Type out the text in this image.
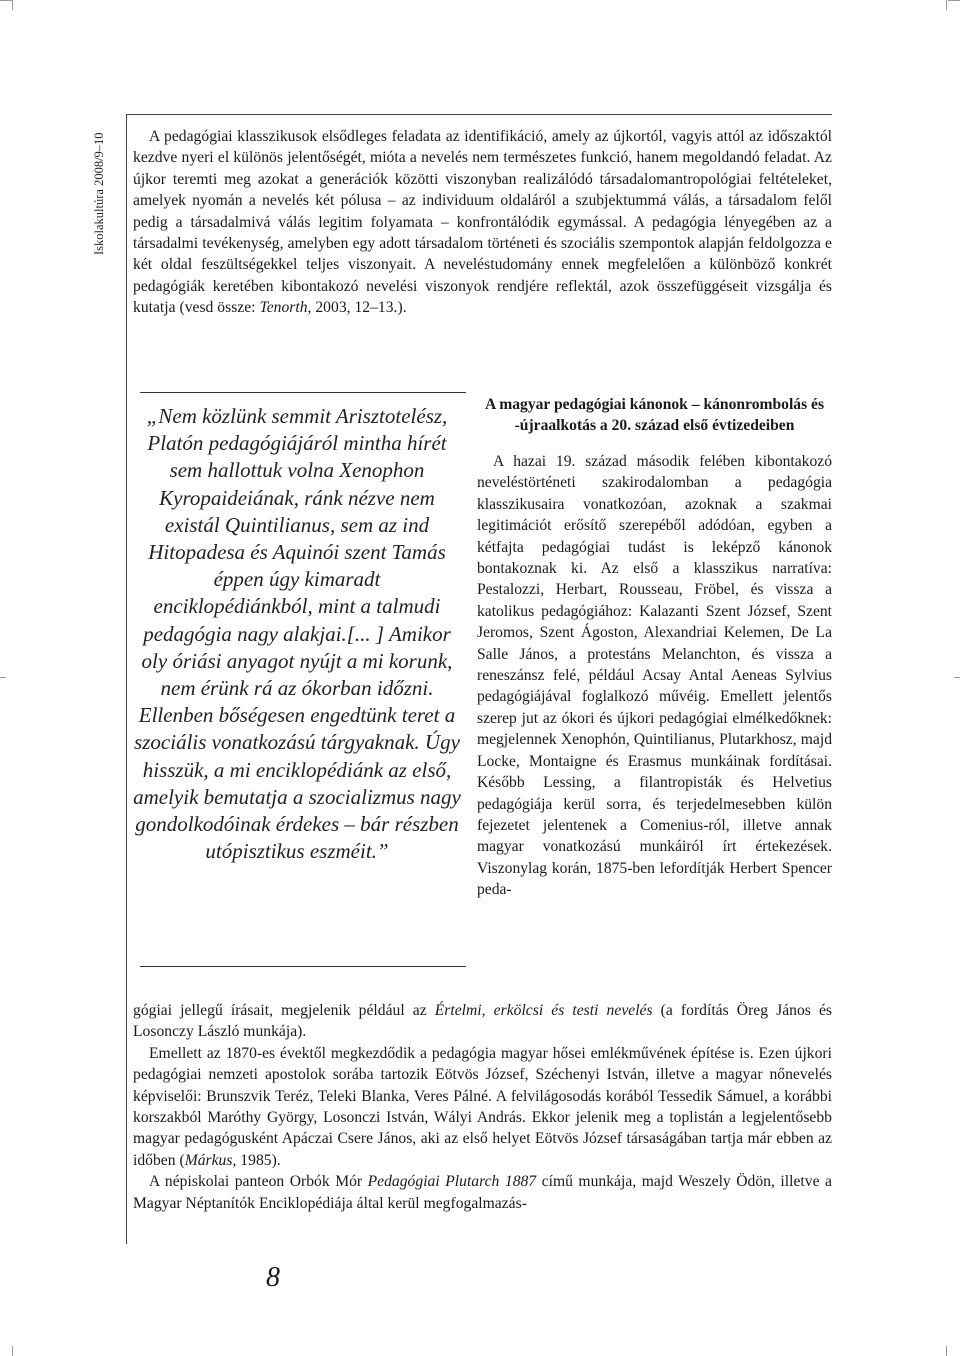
Iskolakultúra 2008/9–10	A pedagógiai klasszikusok elsődleges feladata az identifikáció, amely az újkortól, vagyis attól az időszaktól kezdve nyeri el különös jelentőségét, mióta a nevelés nem természetes funkció, hanem megoldandó feladat. Az újkor teremti meg azokat a generációk közötti viszonyban realizálódó társadalomantropológiai feltételeket, amelyek nyomán a nevelés két pólusa – az individuum oldaláról a szubjektummá válás, a társadalom felől pedig a társadalmivá válás legitim folyamata – konfrontálódik egymással. A pedagógia lényegében az a társadalmi tevékenység, amelyben egy adott társadalom történeti és szociális szempontok alapján feldolgozza e két oldal feszültségekkel teljes viszonyait. A neveléstudomány ennek megfelelően a különböző konkrét pedagógiák keretében kibontakozó nevelési viszonyok rendjére reflektál, azok összefüggéseit vizsgálja és kutatja (vesd össze: Tenorth, 2003, 12–13.).

„Nem közlünk semmit Arisztotelész, Platón pedagógiájáról mintha hírét sem hallottuk volna Xenophon Kyropaideiának, ránk nézve nem existál Quintilianus, sem az ind Hitopadesa és Aquinói szent Tamás éppen úgy kimaradt enciklopédiánkból, mint a talmudi pedagógia nagy alakjai.[... ] Amikor oly óriási anyagot nyújt a mi korunk, nem érünk rá az ókorban időzni. Ellenben bőségesen engedtünk teret a szociális vonatkozású tárgyaknak. Úgy hisszük, a mi enciklopédiánk az első, amelyik bemutatja a szocializmus nagy gondolkodóinak érdekes – bár részben utópisztikus eszméit.”

A magyar pedagógiai kánonok – kánonrombolás és -újraalkotás a 20. század első évtizedeiben

A hazai 19. század második felében kibontakozó neveléstörténeti szakirodalomban a pedagógia klasszikusaira vonatkozóan, azoknak a szakmai legitimációt erősítő szerepéből adódóan, egyben a kétfajta pedagógiai tudást is leképző kánonok bontakoznak ki. Az első a klasszikus narratíva: Pestalozzi, Herbart, Rousseau, Fröbel, és vissza a katolikus pedagógiához: Kalazanti Szent József, Szent Jeromos, Szent Ágoston, Alexandriai Kelemen, De La Salle János, a protestáns Melanchton, és vissza a reneszánsz felé, például Acsay Antal Aeneas Sylvius pedagógiájával foglalkozó művéig. Emellett jelentős szerep jut az ókori és újkori pedagógiai elmélkedőknek: megjelennek Xenophón, Quintilianus, Plutarkhosz, majd Locke, Montaigne és Erasmus munkáinak fordításai. Később Lessing, a filantropisták és Helvetius pedagógiája kerül sorra, és terjedelmesebben külön fejezetet jelentenek a Comenius-ról, illetve annak magyar vonatkozású munkáiról írt értekezések. Viszonylag korán, 1875-ben lefordítják Herbert Spencer peda-

gógiai jellegű írásait, megjelenik például az Értelmi, erkölcsi és testi nevelés (a fordítás Öreg János és Losonczy László munkája).

Emellett az 1870-es évektől megkezdődik a pedagógia magyar hősei emlékművének építése is. Ezen újkori pedagógiai nemzeti apostolok sorába tartozik Eötvös József, Széchenyi István, illetve a magyar nőnevelés képviselői: Brunszvik Teréz, Teleki Blanka, Veres Pálné. A felvilágosodás korából Tessedik Sámuel, a korábbi korszakból Maróthy György, Losonczi István, Wályi András. Ekkor jelenik meg a toplistán a legjelentősebb magyar pedagógusként Apáczai Csere János, aki az első helyet Eötvös József társaságában tartja már ebben az időben (Márkus, 1985).

A népiskolai panteon Orbók Mór Pedagógiai Plutarch 1887 című munkája, majd Weszely Ödön, illetve a Magyar Néptanítók Enciklopédiája által kerül megfogalmazás-

8
